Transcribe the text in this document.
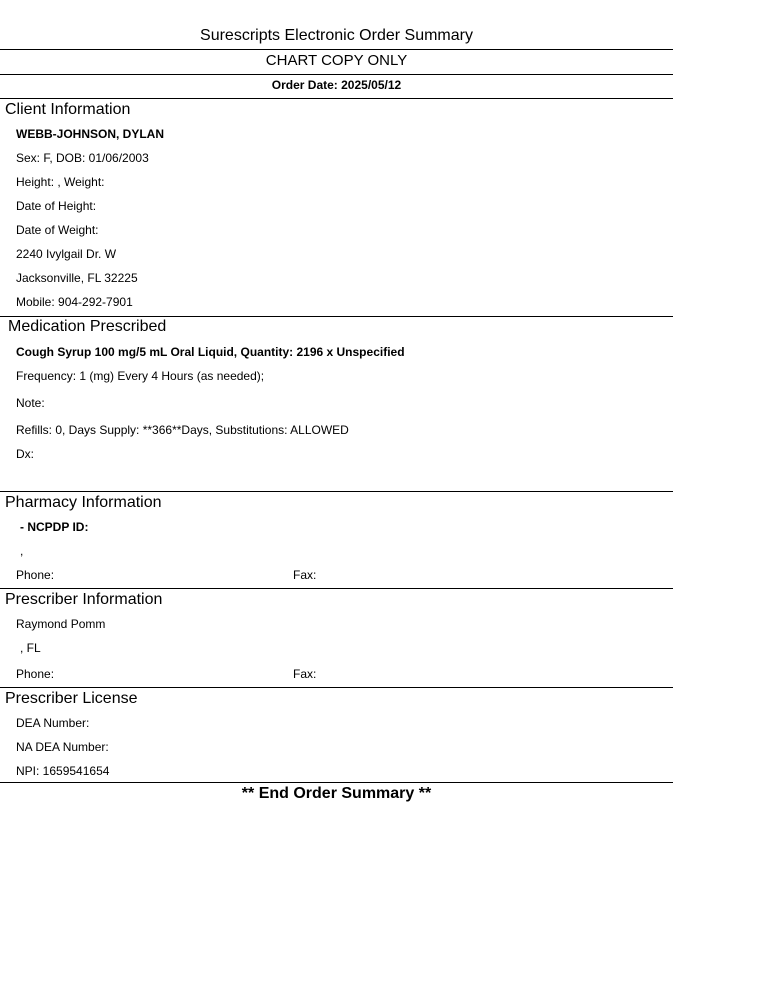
Surescripts Electronic Order Summary
CHART COPY ONLY
Order Date: 2025/05/12
Client Information
WEBB-JOHNSON, DYLAN
Sex: F, DOB: 01/06/2003
Height: , Weight:
Date of Height:
Date of Weight:
2240 Ivylgail Dr. W
Jacksonville, FL 32225
Mobile: 904-292-7901
Medication Prescribed
Cough Syrup 100 mg/5 mL Oral Liquid, Quantity: 2196 x Unspecified
Frequency: 1 (mg) Every 4 Hours (as needed);
Note:
Refills: 0, Days Supply: **366**Days, Substitutions: ALLOWED
Dx:
Pharmacy Information
- NCPDP ID:
,
Phone:	Fax:
Prescriber Information
Raymond Pomm
, FL
Phone:	Fax:
Prescriber License
DEA Number:
NA DEA Number:
NPI: 1659541654
** End Order Summary **
